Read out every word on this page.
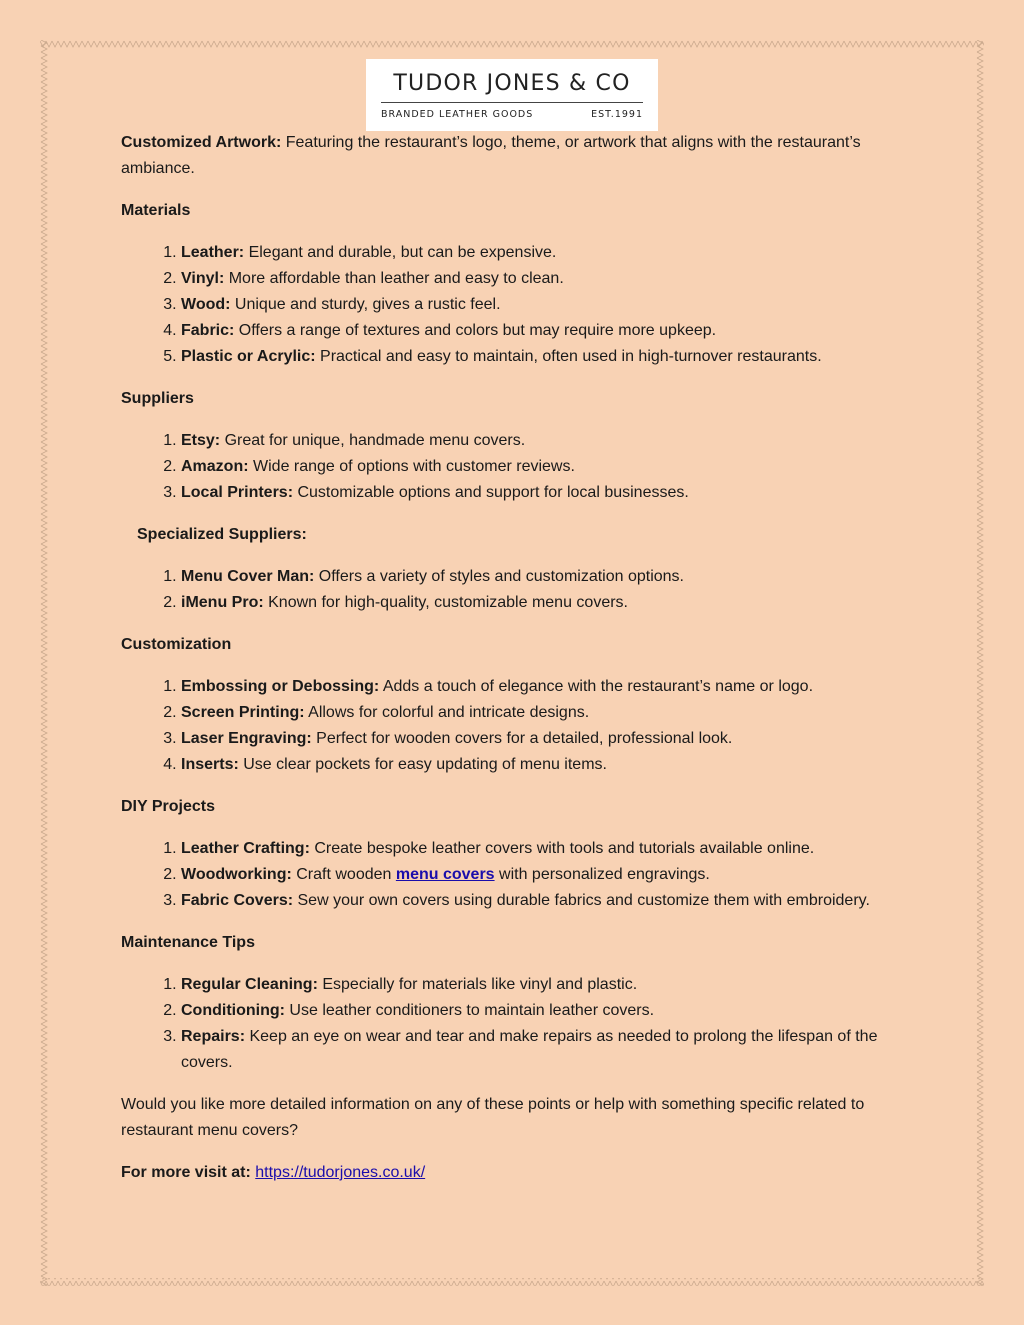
TUDOR JONES & CO
BRANDED LEATHER GOODS	EST.1991

Customized Artwork: Featuring the restaurant’s logo, theme, or artwork that aligns with the restaurant’s ambiance.

Materials

1. Leather: Elegant and durable, but can be expensive.
2. Vinyl: More affordable than leather and easy to clean.
3. Wood: Unique and sturdy, gives a rustic feel.
4. Fabric: Offers a range of textures and colors but may require more upkeep.
5. Plastic or Acrylic: Practical and easy to maintain, often used in high-turnover restaurants.

Suppliers

1. Etsy: Great for unique, handmade menu covers.
2. Amazon: Wide range of options with customer reviews.
3. Local Printers: Customizable options and support for local businesses.

Specialized Suppliers:

1. Menu Cover Man: Offers a variety of styles and customization options.
2. iMenu Pro: Known for high-quality, customizable menu covers.

Customization

1. Embossing or Debossing: Adds a touch of elegance with the restaurant’s name or logo.
2. Screen Printing: Allows for colorful and intricate designs.
3. Laser Engraving: Perfect for wooden covers for a detailed, professional look.
4. Inserts: Use clear pockets for easy updating of menu items.

DIY Projects

1. Leather Crafting: Create bespoke leather covers with tools and tutorials available online.
2. Woodworking: Craft wooden menu covers with personalized engravings.
3. Fabric Covers: Sew your own covers using durable fabrics and customize them with embroidery.

Maintenance Tips

1. Regular Cleaning: Especially for materials like vinyl and plastic.
2. Conditioning: Use leather conditioners to maintain leather covers.
3. Repairs: Keep an eye on wear and tear and make repairs as needed to prolong the lifespan of the covers.

Would you like more detailed information on any of these points or help with something specific related to restaurant menu covers?

For more visit at: https://tudorjones.co.uk/
